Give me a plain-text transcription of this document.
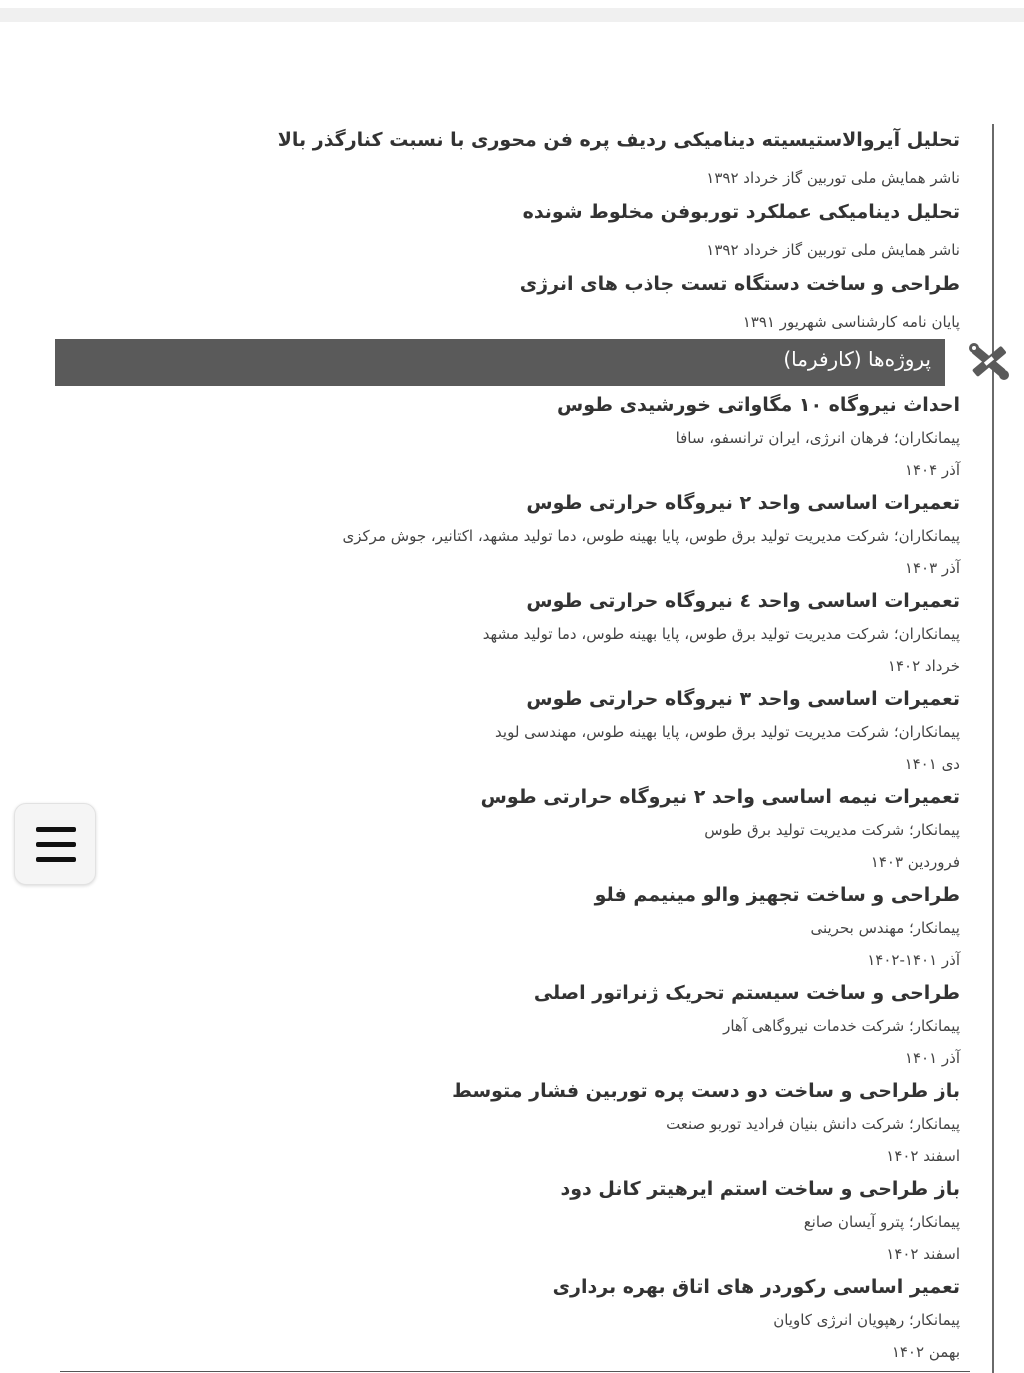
تحلیل آیروالاستیسیته دینامیکی ردیف پره فن محوری با نسبت کنارگذر بالا
ناشر همایش ملی توربین گاز خرداد ۱۳۹۲
تحلیل دینامیکی عملکرد توربوفن مخلوط شونده
ناشر همایش ملی توربین گاز خرداد ۱۳۹۲
طراحی و ساخت دستگاه تست جاذب های انرژی
پایان نامه کارشناسی شهریور ۱۳۹۱
پروژه‌ها (کارفرما)
احداث نیروگاه ۱۰ مگاواتی خورشیدی طوس
پیمانکاران؛ فرهان انرژی، ایران ترانسفو، سافا
آذر ۱۴۰۴
تعمیرات اساسی واحد ۲ نیروگاه حرارتی طوس
پیمانکاران؛ شرکت مدیریت تولید برق طوس، پایا بهینه طوس، دما تولید مشهد، اکتانیر، جوش مرکزی
آذر ۱۴۰۳
تعمیرات اساسی واحد ٤ نیروگاه حرارتی طوس
پیمانکاران؛ شرکت مدیریت تولید برق طوس، پایا بهینه طوس، دما تولید مشهد
خرداد ۱۴۰۲
تعمیرات اساسی واحد ۳ نیروگاه حرارتی طوس
پیمانکاران؛ شرکت مدیریت تولید برق طوس، پایا بهینه طوس، مهندسی لوید
دی ۱۴۰۱
تعمیرات نیمه اساسی واحد ۲ نیروگاه حرارتی طوس
پیمانکار؛ شرکت مدیریت تولید برق طوس
فروردین ۱۴۰۳
طراحی و ساخت تجهیز والو مینیمم فلو
پیمانکار؛ مهندس بحرینی
آذر ۱۴۰۱-۱۴۰۲
طراحی و ساخت سیستم تحریک ژنراتور اصلی
پیمانکار؛ شرکت خدمات نیروگاهی آهار
آذر ۱۴۰۱
باز طراحی و ساخت دو دست پره توربین فشار متوسط
پیمانکار؛ شرکت دانش بنیان فرادید توربو صنعت
اسفند ۱۴۰۲
باز طراحی و ساخت استم ایرهیتر کانل دود
پیمانکار؛ پترو آیسان صانع
اسفند ۱۴۰۲
تعمیر اساسی رکوردر های اتاق بهره برداری
پیمانکار؛ رهپویان انرژی کاویان
بهمن ۱۴۰۲
